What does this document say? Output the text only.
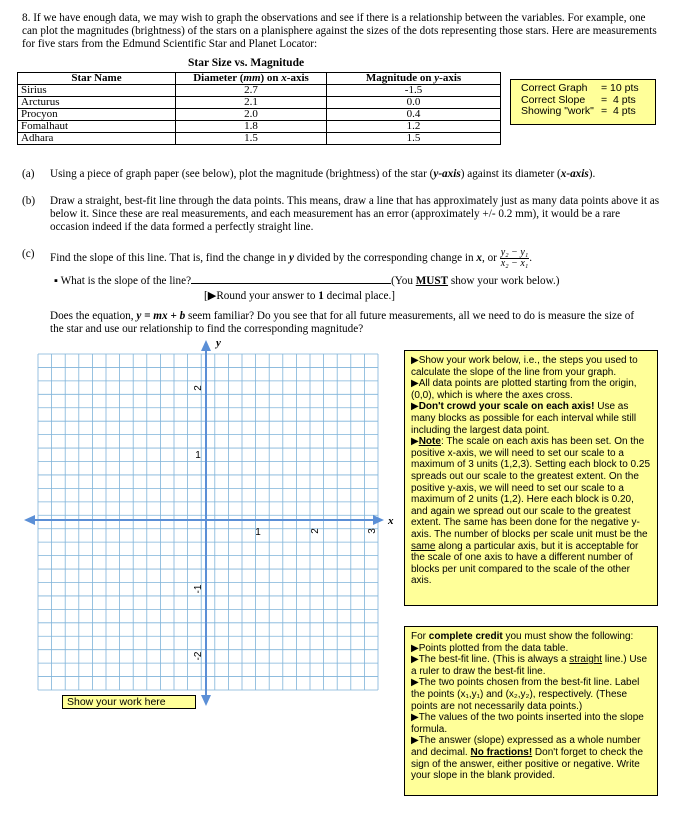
8. If we have enough data, we may wish to graph the observations and see if there is a relationship between the variables. For example, one can plot the magnitudes (brightness) of the stars on a planisphere against the sizes of the dots representing those stars. Here are measurements for five stars from the Edmund Scientific Star and Planet Locator:
Star Size vs. Magnitude
Star Name	Diameter (mm) on x-axis	Magnitude on y-axis
Sirius	2.7	-1.5
Arcturus	2.1	0.0
Procyon	2.0	0.4
Fomalhaut	1.8	1.2
Adhara	1.5	1.5
Correct Graph	= 10 pts
Correct Slope	=  4 pts
Showing "work" =  4 pts
(a) Using a piece of graph paper (see below), plot the magnitude (brightness) of the star (y-axis) against its diameter (x-axis).
(b) Draw a straight, best-fit line through the data points. This means, draw a line that has approximately just as many data points above it as below it. Since these are real measurements, and each measurement has an error (approximately +/- 0.2 mm), it would be a rare occasion indeed if the data formed a perfectly straight line.
(c) Find the slope of this line. That is, find the change in y divided by the corresponding change in x, or $\frac{\text{y₂ − y₁}}{\text{x₂ − x₁}}$ .
▪ What is the slope of the line?	(You MUST show your work below.)
[▶Round your answer to 1 decimal place.]
Does the equation, y = mx + b seem familiar? Do you see that for all future measurements, all we need to do is measure the size of the star and use our relationship to find the corresponding magnitude?
x
y
1	2	3
2
1
-1
-2
▶Show your work below, i.e., the steps you used to calculate the slope of the line from your graph.
▶All data points are plotted starting from the origin, (0,0), which is where the axes cross.
▶Don't crowd your scale on each axis! Use as many blocks as possible for each interval while still including the largest data point.
▶Note: The scale on each axis has been set. On the positive x-axis, we will need to set our scale to a maximum of 3 units (1,2,3). Setting each block to 0.25 spreads out our scale to the greatest extent. On the positive y-axis, we will need to set our scale to a maximum of 2 units (1,2). Here each block is 0.20, and again we spread out our scale to the greatest extent. The same has been done for the negative y-axis. The number of blocks per scale unit must be the same along a particular axis, but it is acceptable for the scale of one axis to have a different number of blocks per unit compared to the scale of the other axis.
For complete credit you must show the following:
▶Points plotted from the data table.
▶The best-fit line. (This is always a straight line.) Use a ruler to draw the best-fit line.
▶The two points chosen from the best-fit line. Label the points (x₁,y₁) and (x₂,y₂), respectively. (These points are not necessarily data points.)
▶The values of the two points inserted into the slope formula.
▶The answer (slope) expressed as a whole number and decimal. No fractions! Don't forget to check the sign of the answer, either positive or negative. Write your slope in the blank provided.
Show your work here
